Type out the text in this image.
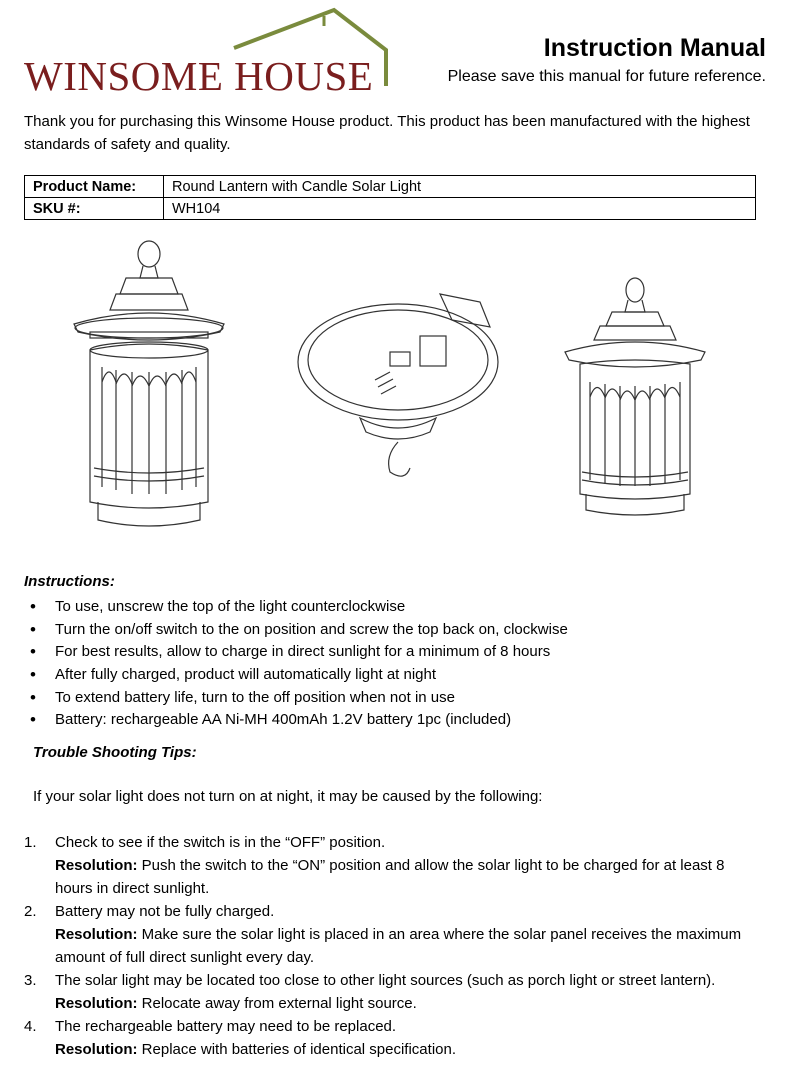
WINSOME HOUSE
Instruction Manual
Please save this manual for future reference.
Thank you for purchasing this Winsome House product. This product has been manufactured with the highest standards of safety and quality.
Product Name:	Round Lantern with Candle Solar Light
SKU #:	WH104
Instructions:
• To use, unscrew the top of the light counterclockwise
• Turn the on/off switch to the on position and screw the top back on, clockwise
• For best results, allow to charge in direct sunlight for a minimum of 8 hours
• After fully charged, product will automatically light at night
• To extend battery life, turn to the off position when not in use
• Battery: rechargeable AA Ni-MH 400mAh 1.2V battery 1pc (included)
Trouble Shooting Tips:
If your solar light does not turn on at night, it may be caused by the following:
1. Check to see if the switch is in the “OFF” position.
Resolution: Push the switch to the “ON” position and allow the solar light to be charged for at least 8 hours in direct sunlight.
2. Battery may not be fully charged.
Resolution: Make sure the solar light is placed in an area where the solar panel receives the maximum amount of full direct sunlight every day.
3. The solar light may be located too close to other light sources (such as porch light or street lantern).
Resolution: Relocate away from external light source.
4. The rechargeable battery may need to be replaced.
Resolution: Replace with batteries of identical specification.
